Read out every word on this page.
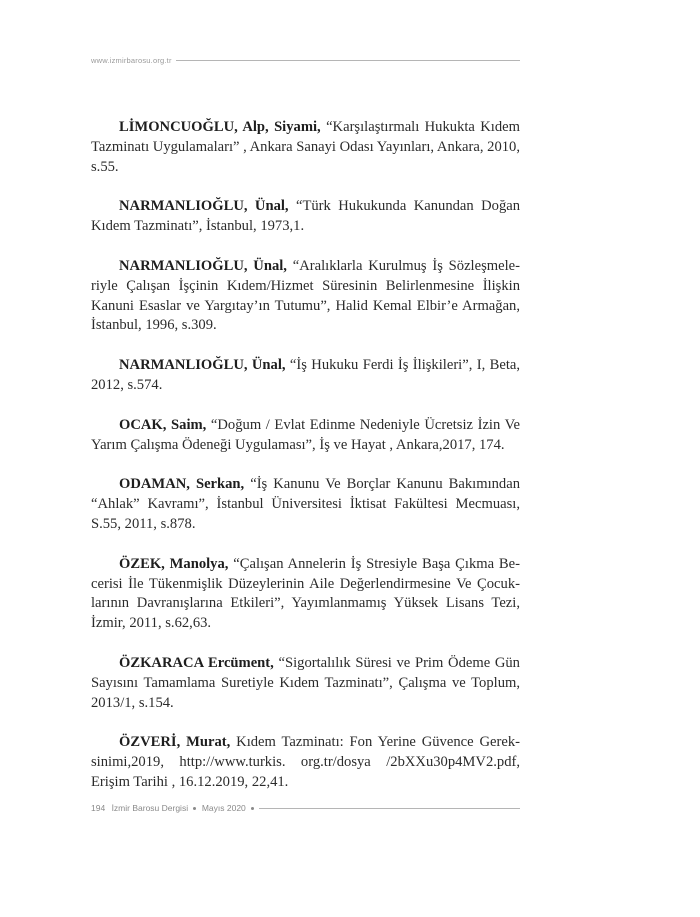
www.izmirbarosu.org.tr

LİMONCUOĞLU, Alp, Siyami, “Karşılaştırmalı Hukukta Kıdem Tazminatı Uygulamaları” , Ankara Sanayi Odası Yayınları, Ankara, 2010, s.55.

NARMANLIOĞLU, Ünal, “Türk Hukukunda Kanundan Doğan Kıdem Tazminatı”, İstanbul, 1973,1.

NARMANLIOĞLU, Ünal, “Aralıklarla Kurulmuş İş Sözleşmeleriyle Çalışan İşçinin Kıdem/Hizmet Süresinin Belirlenmesine İlişkin Kanuni Esaslar ve Yargıtay’ın Tutumu”, Halid Kemal Elbir’e Armağan, İstanbul, 1996, s.309.

NARMANLIOĞLU, Ünal, “İş Hukuku Ferdi İş İlişkileri”, I, Beta, 2012, s.574.

OCAK, Saim, “Doğum / Evlat Edinme Nedeniyle Ücretsiz İzin Ve Yarım Çalışma Ödeneği Uygulaması”, İş ve Hayat , Ankara,2017, 174.

ODAMAN, Serkan, “İş Kanunu Ve Borçlar Kanunu Bakımından “Ahlak” Kavramı”, İstanbul Üniversitesi İktisat Fakültesi Mecmuası, S.55, 2011, s.878.

ÖZEK, Manolya, “Çalışan Annelerin İş Stresiyle Başa Çıkma Becerisi İle Tükenmişlik Düzeylerinin Aile Değerlendirmesine Ve Çocuklarının Davranışlarına Etkileri”, Yayımlanmamış Yüksek Lisans Tezi, İzmir, 2011, s.62,63.

ÖZKARACA Ercüment, “Sigortalılık Süresi ve Prim Ödeme Gün Sayısını Tamamlama Suretiyle Kıdem Tazminatı”, Çalışma ve Toplum, 2013/1, s.154.

ÖZVERİ, Murat, Kıdem Tazminatı: Fon Yerine Güvence Gereksinimi,2019, http://www.turkis. org.tr/dosya /2bXXu30p4MV2.pdf, Erişim Tarihi , 16.12.2019, 22,41.

194 İzmir Barosu Dergisi Mayıs 2020
